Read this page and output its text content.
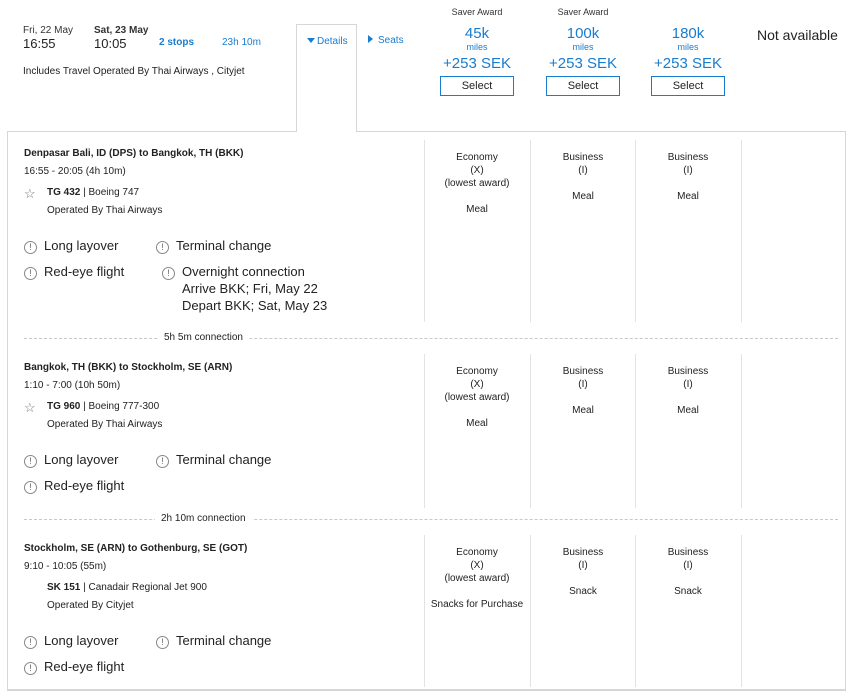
Fri, 22 May
16:55
Sat, 23 May
10:05	2 stops	23h 10m
Includes Travel Operated By Thai Airways , Cityjet
Details	Seats
Saver Award
45k
miles
+253 SEK
Select
Saver Award
100k
miles
+253 SEK
Select
180k
miles
+253 SEK
Select
Not available
Denpasar Bali, ID (DPS) to Bangkok, TH (BKK)
16:55 - 20:05 (4h 10m)
☆ TG 432 | Boeing 747
Operated By Thai Airways
! Long layover	! Terminal change
! Red-eye flight	! Overnight connection
Arrive BKK; Fri, May 22
Depart BKK; Sat, May 23
Economy
(X)
(lowest award)
Meal
Business
(I)
Meal
Business
(I)
Meal
5h 5m connection
Bangkok, TH (BKK) to Stockholm, SE (ARN)
1:10 - 7:00 (10h 50m)
☆ TG 960 | Boeing 777-300
Operated By Thai Airways
! Long layover	! Terminal change
! Red-eye flight
Economy
(X)
(lowest award)
Meal
Business
(I)
Meal
Business
(I)
Meal
2h 10m connection
Stockholm, SE (ARN) to Gothenburg, SE (GOT)
9:10 - 10:05 (55m)
SK 151 | Canadair Regional Jet 900
Operated By Cityjet
! Long layover	! Terminal change
! Red-eye flight
Economy
(X)
(lowest award)
Snacks for Purchase
Business
(I)
Snack
Business
(I)
Snack
